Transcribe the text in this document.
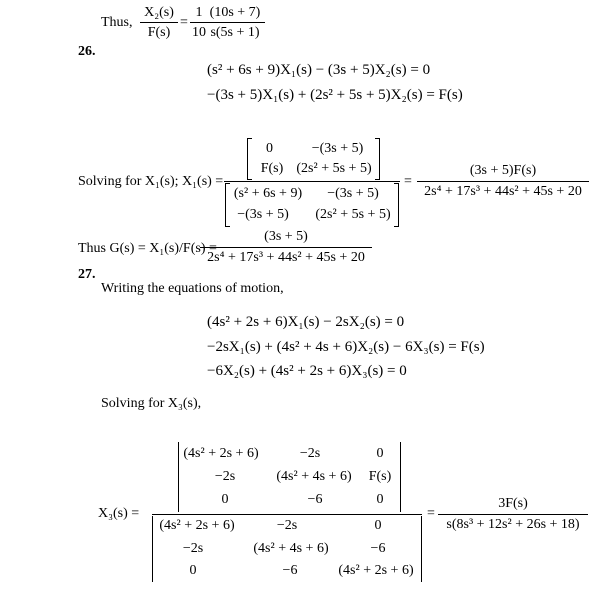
Thus,
X₂(s)
F(s)
=
1
10
(10s + 7)
s(5s + 1)
26.
(s² + 6s + 9)X₁(s) − (3s + 5)X₂(s) = 0
−(3s + 5)X₁(s) + (2s² + 5s + 5)X₂(s) = F(s)
Solving for X₁(s); X₁(s) =
0	−(3s + 5)
F(s) (2s² + 5s + 5)
(s² + 6s + 9)	−(3s + 5)
−(3s + 5)	(2s² + 5s + 5)
=
(3s + 5)F(s)
2s⁴ + 17s³ + 44s² + 45s + 20
Thus G(s) = X₁(s)/F(s) =
(3s + 5)
2s⁴ + 17s³ + 44s² + 45s + 20
27.
Writing the equations of motion,
(4s² + 2s + 6)X₁(s) − 2sX₂(s) = 0
−2sX₁(s) + (4s² + 4s + 6)X₂(s) − 6X₃(s) = F(s)
−6X₂(s) + (4s² + 2s + 6)X₃(s) = 0
Solving for X₃(s),
X₃(s) =
(4s² + 2s + 6)	−2s	0
−2s	(4s² + 4s + 6)	F(s)
0	−6	0
(4s² + 2s + 6)	−2s	0
−2s	(4s² + 4s + 6)	−6
0	−6	(4s² + 2s + 6)
=
3F(s)
s(8s³ + 12s² + 26s + 18)
